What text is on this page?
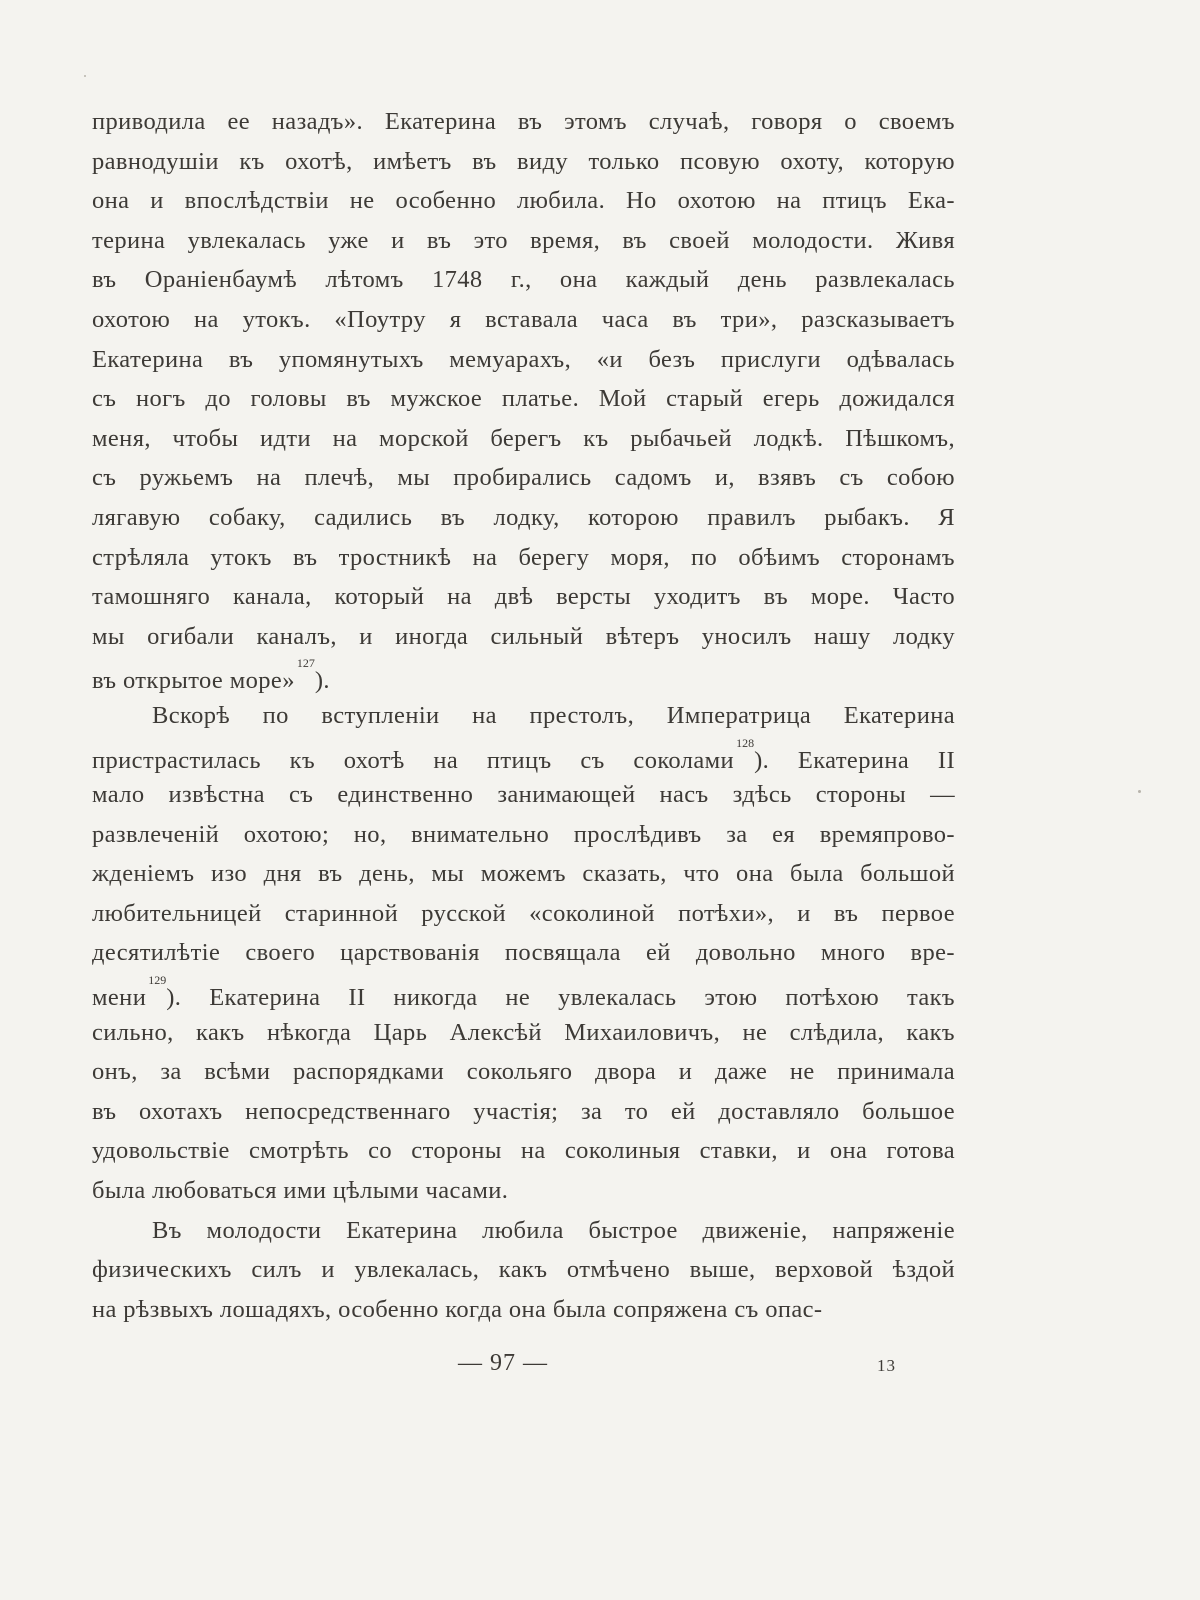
приводила ее назадъ». Екатерина въ этомъ случаѣ, говоря о своемъ
равнодушіи къ охотѣ, имѣетъ въ виду только псовую охоту, которую
она и впослѣдствіи не особенно любила. Но охотою на птицъ Ека-
терина увлекалась уже и въ это время, въ своей молодости. Живя
въ Ораніенбаумѣ лѣтомъ 1748 г., она каждый день развлекалась
охотою на утокъ. «Поутру я вставала часа въ три», разсказываетъ
Екатерина въ упомянутыхъ мемуарахъ, «и безъ прислуги одѣвалась
съ ногъ до головы въ мужское платье. Мой старый егерь дожидался
меня, чтобы идти на морской берегъ къ рыбачьей лодкѣ. Пѣшкомъ,
съ ружьемъ на плечѣ, мы пробирались садомъ и, взявъ съ собою
лягавую собаку, садились въ лодку, которою правилъ рыбакъ. Я
стрѣляла утокъ въ тростникѣ на берегу моря, по обѣимъ сторонамъ
тамошняго канала, который на двѣ версты уходитъ въ море. Часто
мы огибали каналъ, и иногда сильный вѣтеръ уносилъ нашу лодку
въ открытое море»$^{127}$).
Вскорѣ по вступленіи на престолъ, Императрица Екатерина
пристрастилась къ охотѣ на птицъ съ соколами$^{128}$). Екатерина II
мало извѣстна съ единственно занимающей насъ здѣсь стороны —
развлеченій охотою; но, внимательно прослѣдивъ за ея времяпрово-
жденіемъ изо дня въ день, мы можемъ сказать, что она была большой
любительницей старинной русской «соколиной потѣхи», и въ первое
десятилѣтіе своего царствованія посвящала ей довольно много вре-
мени$^{129}$). Екатерина II никогда не увлекалась этою потѣхою такъ
сильно, какъ нѣкогда Царь Алексѣй Михаиловичъ, не слѣдила, какъ
онъ, за всѣми распорядками сокольяго двора и даже не принимала
въ охотахъ непосредственнаго участія; за то ей доставляло большое
удовольствіе смотрѣть со стороны на соколиныя ставки, и она готова
была любоваться ими цѣлыми часами.
Въ молодости Екатерина любила быстрое движеніе, напряженіе
физическихъ силъ и увлекалась, какъ отмѣчено выше, верховой ѣздой
на рѣзвыхъ лошадяхъ, особенно когда она была сопряжена съ опас-
— 97 —	13
